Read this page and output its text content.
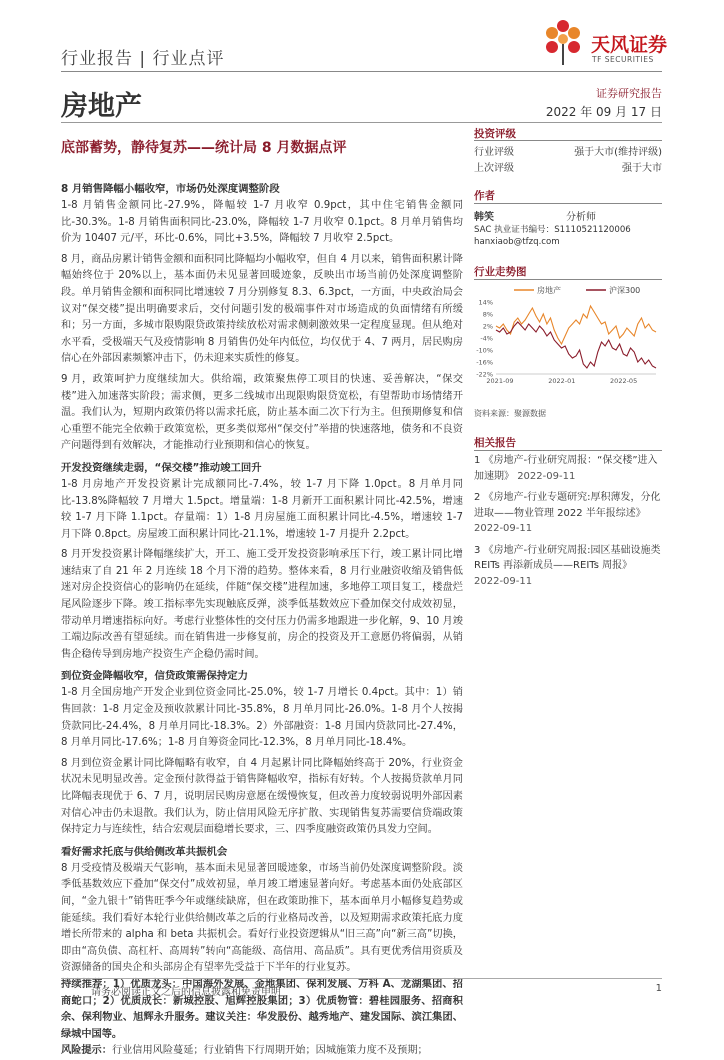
行业报告 | 行业点评
天风证券
TF SECURITIES
房地产	证券研究报告
2022 年 09 月 17 日
底部蓄势，静待复苏——统计局 8 月数据点评
投资评级
行业评级	强于大市(维持评级)
上次评级	强于大市
作者
韩笑	分析师
SAC 执业证书编号：S1110521120006
hanxiaob@tfzq.com
行业走势图
房地产	沪深300
14%
8%
2%
-4%
-10%
-16%
-22%
2021-09	2022-01	2022-05
资料来源：聚源数据
相关报告
1 《房地产-行业研究周报：“保交楼”进入加速期》 2022-09-11
2 《房地产-行业专题研究:厚积薄发，分化进取——物业管理 2022 半年报综述》 2022-09-11
3 《房地产-行业研究周报:园区基础设施类 REITs 再添新成员——REITs 周报》 2022-09-11
8 月销售降幅小幅收窄，市场仍处深度调整阶段
1-8 月销售金额同比-27.9%，降幅较 1-7 月收窄 0.9pct，其中住宅销售金额同比-30.3%。1-8 月销售面积同比-23.0%，降幅较 1-7 月收窄 0.1pct。8 月单月销售均价为 10407 元/平，环比-0.6%，同比+3.5%，降幅较 7 月收窄 2.5pct。
8 月，商品房累计销售金额和面积同比降幅均小幅收窄，但自 4 月以来，销售面积累计降幅始终位于 20%以上，基本面仍未见显著回暖迹象，反映出市场当前仍处深度调整阶段。单月销售金额和面积同比增速较 7 月分别修复 8.3、6.3pct，一方面，中央政治局会议对“保交楼”提出明确要求后，交付问题引发的极端事件对市场造成的负面情绪有所缓和；另一方面，多城市限购限贷政策持续放松对需求侧刺激效果一定程度显现。但从绝对水平看，受极端天气及疫情影响 8 月销售仍处年内低位，均仅优于 4、7 两月，居民购房信心在外部因素频繁冲击下，仍未迎来实质性的修复。
9 月，政策呵护力度继续加大。供给端，政策聚焦停工项目的快速、妥善解决，“保交楼”进入加速落实阶段；需求侧，更多二线城市出现限购限贷宽松，有望帮助市场情绪开温。我们认为，短期内政策仍将以需求托底，防止基本面二次下行为主。但预期修复和信心重塑不能完全依赖于政策宽松，更多类似郑州“保交付”举措的快速落地，债务和不良资产问题得到有效解决，才能推动行业预期和信心的恢复。
开发投资继续走弱，“保交楼”推动竣工回升
1-8 月房地产开发投资累计完成额同比-7.4%，较 1-7 月下降 1.0pct。8 月单月同比-13.8%降幅较 7 月增大 1.5pct。增量端：1-8 月新开工面积累计同比-42.5%，增速较 1-7 月下降 1.1pct。存量端：1）1-8 月房屋施工面积累计同比-4.5%，增速较 1-7 月下降 0.8pct。房屋竣工面积累计同比-21.1%，增速较 1-7 月提升 2.2pct。
8 月开发投资累计降幅继续扩大，开工、施工受开发投资影响承压下行，竣工累计同比增速结束了自 21 年 2 月连续 18 个月下滑的趋势。整体来看，8 月行业融资收缩及销售低迷对房企投资信心的影响仍在延续，伴随“保交楼”进程加速，多地停工项目复工，楼盘烂尾风险逐步下降。竣工指标率先实现触底反弹，淡季低基数效应下叠加保交付成效初显，带动单月增速指标向好。考虑行业整体性的交付压力仍需多地跟进一步化解，9、10 月竣工端边际改善有望延续。而在销售进一步修复前，房企的投资及开工意愿仍将偏弱，从销售企稳传导到房地产投资生产企稳仍需时间。
到位资金降幅收窄，信贷政策需保持定力
1-8 月全国房地产开发企业到位资金同比-25.0%，较 1-7 月增长 0.4pct。其中：1）销售回款：1-8 月定金及预收款累计同比-35.8%，8 月单月同比-26.0%。1-8 月个人按揭贷款同比-24.4%，8 月单月同比-18.3%。2）外部融资：1-8 月国内贷款同比-27.4%，8 月单月同比-17.6%；1-8 月自筹资金同比-12.3%，8 月单月同比-18.4%。
8 月到位资金累计同比降幅略有收窄，自 4 月起累计同比降幅始终高于 20%，行业资金状况未见明显改善。定金预付款得益于销售降幅收窄，指标有好转。个人按揭贷款单月同比降幅表现优于 6、7 月，说明居民购房意愿在缓慢恢复，但改善力度较弱说明外部因素对信心冲击仍未退散。我们认为，防止信用风险无序扩散、实现销售复苏需要信贷端政策保持定力与连续性，结合宏观层面稳增长要求，三、四季度融资政策仍具发力空间。
看好需求托底与供给侧改革共振机会
8 月受疫情及极端天气影响，基本面未见显著回暖迹象，市场当前仍处深度调整阶段。淡季低基数效应下叠加“保交付”成效初显，单月竣工增速显著向好。考虑基本面仍处底部区间，“金九银十”销售旺季今年或继续缺席，但在政策助推下，基本面单月小幅修复趋势或能延续。我们看好本轮行业供给侧改革之后的行业格局改善，以及短期需求政策托底力度增长所带来的 alpha 和 beta 共振机会。看好行业投资逻辑从“旧三高”向“新三高”切换，即由“高负债、高杠杆、高周转”转向“高能级、高信用、高品质”。具有更优秀信用资质及资源储备的国央企和头部房企有望率先受益于下半年的行业复苏。
持续推荐：1）优质龙头：中国海外发展、金地集团、保利发展、万科 A、龙湖集团、招商蛇口；2）优质成长：新城控股、旭辉控股集团；3）优质物管：碧桂园服务、招商积余、保利物业、旭辉永升服务。建议关注：华发股份、越秀地产、建发国际、滨江集团、绿城中国等。
风险提示：行业信用风险蔓延；行业销售下行周期开始；因城施策力度不及预期；
请务必阅读正文之后的信息披露和免责申明	1
